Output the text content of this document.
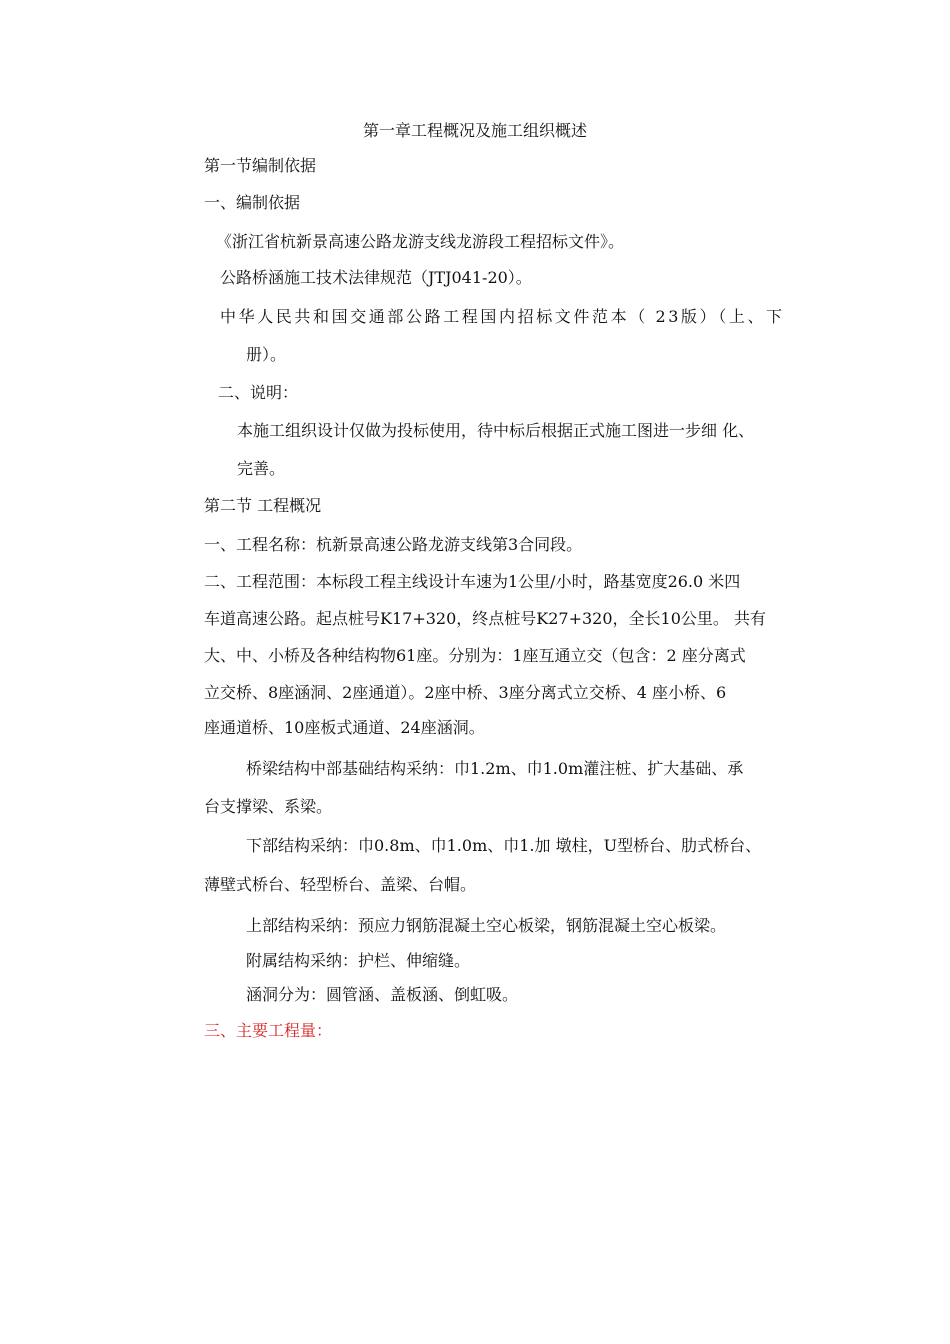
第一章工程概况及施工组织概述
第一节编制依据
一、编制依据
《浙江省杭新景高速公路龙游支线龙游段工程招标文件》。
公路桥涵施工技术法律规范（JTJ041-20）。
中华人民共和国交通部公路工程国内招标文件范本（ 23版）（上、下
册）。
二、说明：
本施工组织设计仅做为投标使用，待中标后根据正式施工图进一步细 化、
完善。
第二节 工程概况
一、工程名称：杭新景高速公路龙游支线第3合同段。
二、工程范围：本标段工程主线设计车速为1公里/小时，路基宽度26.0 米四
车道高速公路。起点桩号K17+320，终点桩号K27+320，全长10公里。 共有
大、中、小桥及各种结构物61座。分别为：1座互通立交（包含：2 座分离式
立交桥、8座涵洞、2座通道）。2座中桥、3座分离式立交桥、4 座小桥、6
座通道桥、10座板式通道、24座涵洞。
桥梁结构中部基础结构采纳：巾1.2m、巾1.0m灌注桩、扩大基础、承
台支撑梁、系梁。
下部结构采纳：巾0.8m、巾1.0m、巾1.加 墩柱，U型桥台、肋式桥台、
薄壁式桥台、轻型桥台、盖梁、台帽。
上部结构采纳：预应力钢筋混凝土空心板梁，钢筋混凝土空心板梁。
附属结构采纳：护栏、伸缩缝。
涵洞分为：圆管涵、盖板涵、倒虹吸。
三、主要工程量：
